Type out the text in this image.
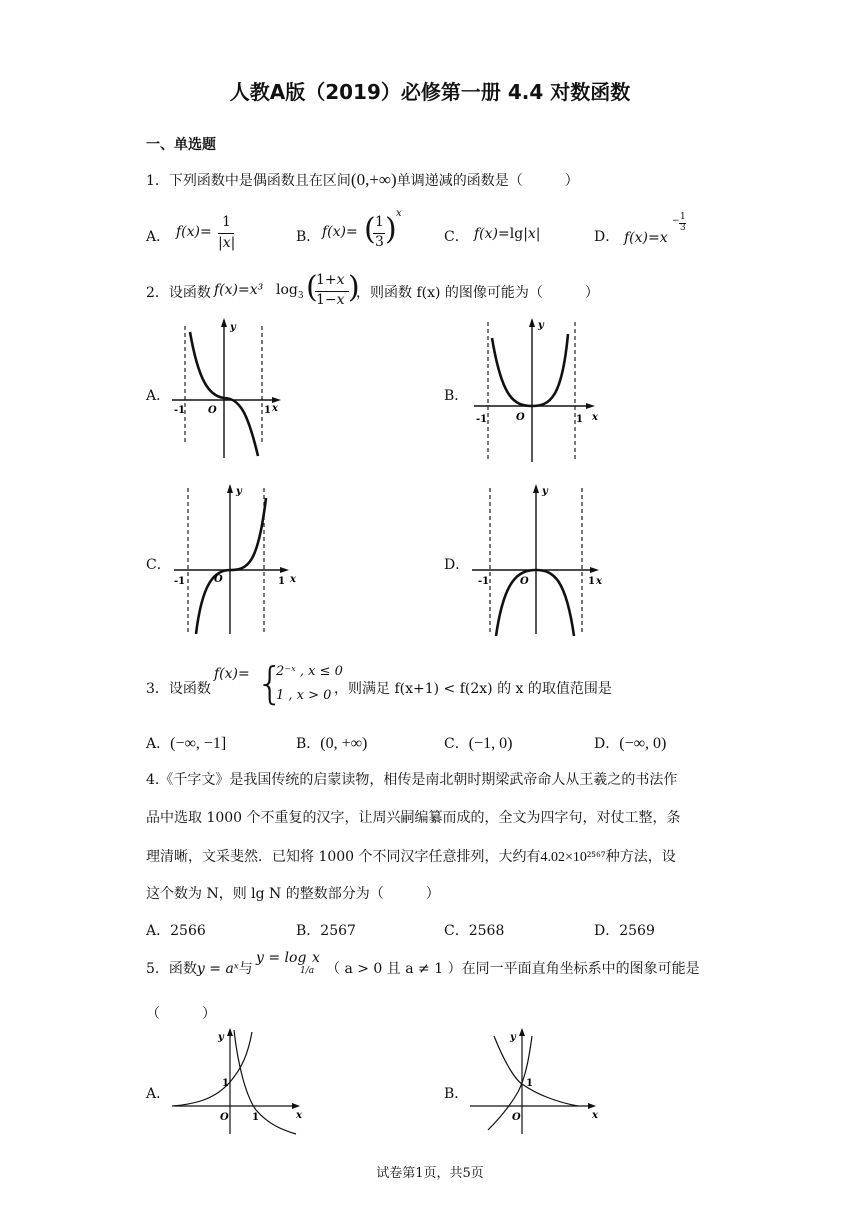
人教A版（2019）必修第一册 4.4 对数函数
一、单选题
1．下列函数中是偶函数且在区间(0,+∞)单调递减的函数是（　　　）
A． f(x)=
1
|x|	B． f(x)= ( 1
3 ) x
C． f(x)=lg|x|	D． f(x)=x
− 1
3
2．设函数 f(x)=x³ $\log_3$ (
1+x
1−x )
，则函数 f(x) 的图像可能为（　　　）
A．	B．
C．	D．
y
x
O
-1	1
y
x
O
-1	1
y
x
O
-1	1
y
x
O
-1	1
3．设函数
f(x)= {
2⁻ˣ , x ≤ 0
1 , x > 0 ，则满足 f(x+1) < f(2x) 的 x 的取值范围是
A．(−∞, −1]	B．(0, +∞)	C．(−1, 0)	D．(−∞, 0)
4.《千字文》是我国传统的启蒙读物，相传是南北朝时期梁武帝命人从王羲之的书法作
品中选取 1000 个不重复的汉字，让周兴嗣编纂而成的，全文为四字句，对仗工整，条
理清晰，文采斐然．已知将 1000 个不同汉字任意排列，大约有4.02×10²⁵⁶⁷种方法，设
这个数为 N，则 lg N 的整数部分为（　　　）
A．2566	B．2567	C．2568	D．2569
5．函数y = aˣ与
y = log
1/a
x
（ a > 0 且 a ≠ 1 ）在同一平面直角坐标系中的图象可能是
（　　　）
A．	B．
y
x
O
1
1
y
x
O
1
试卷第1页，共5页
